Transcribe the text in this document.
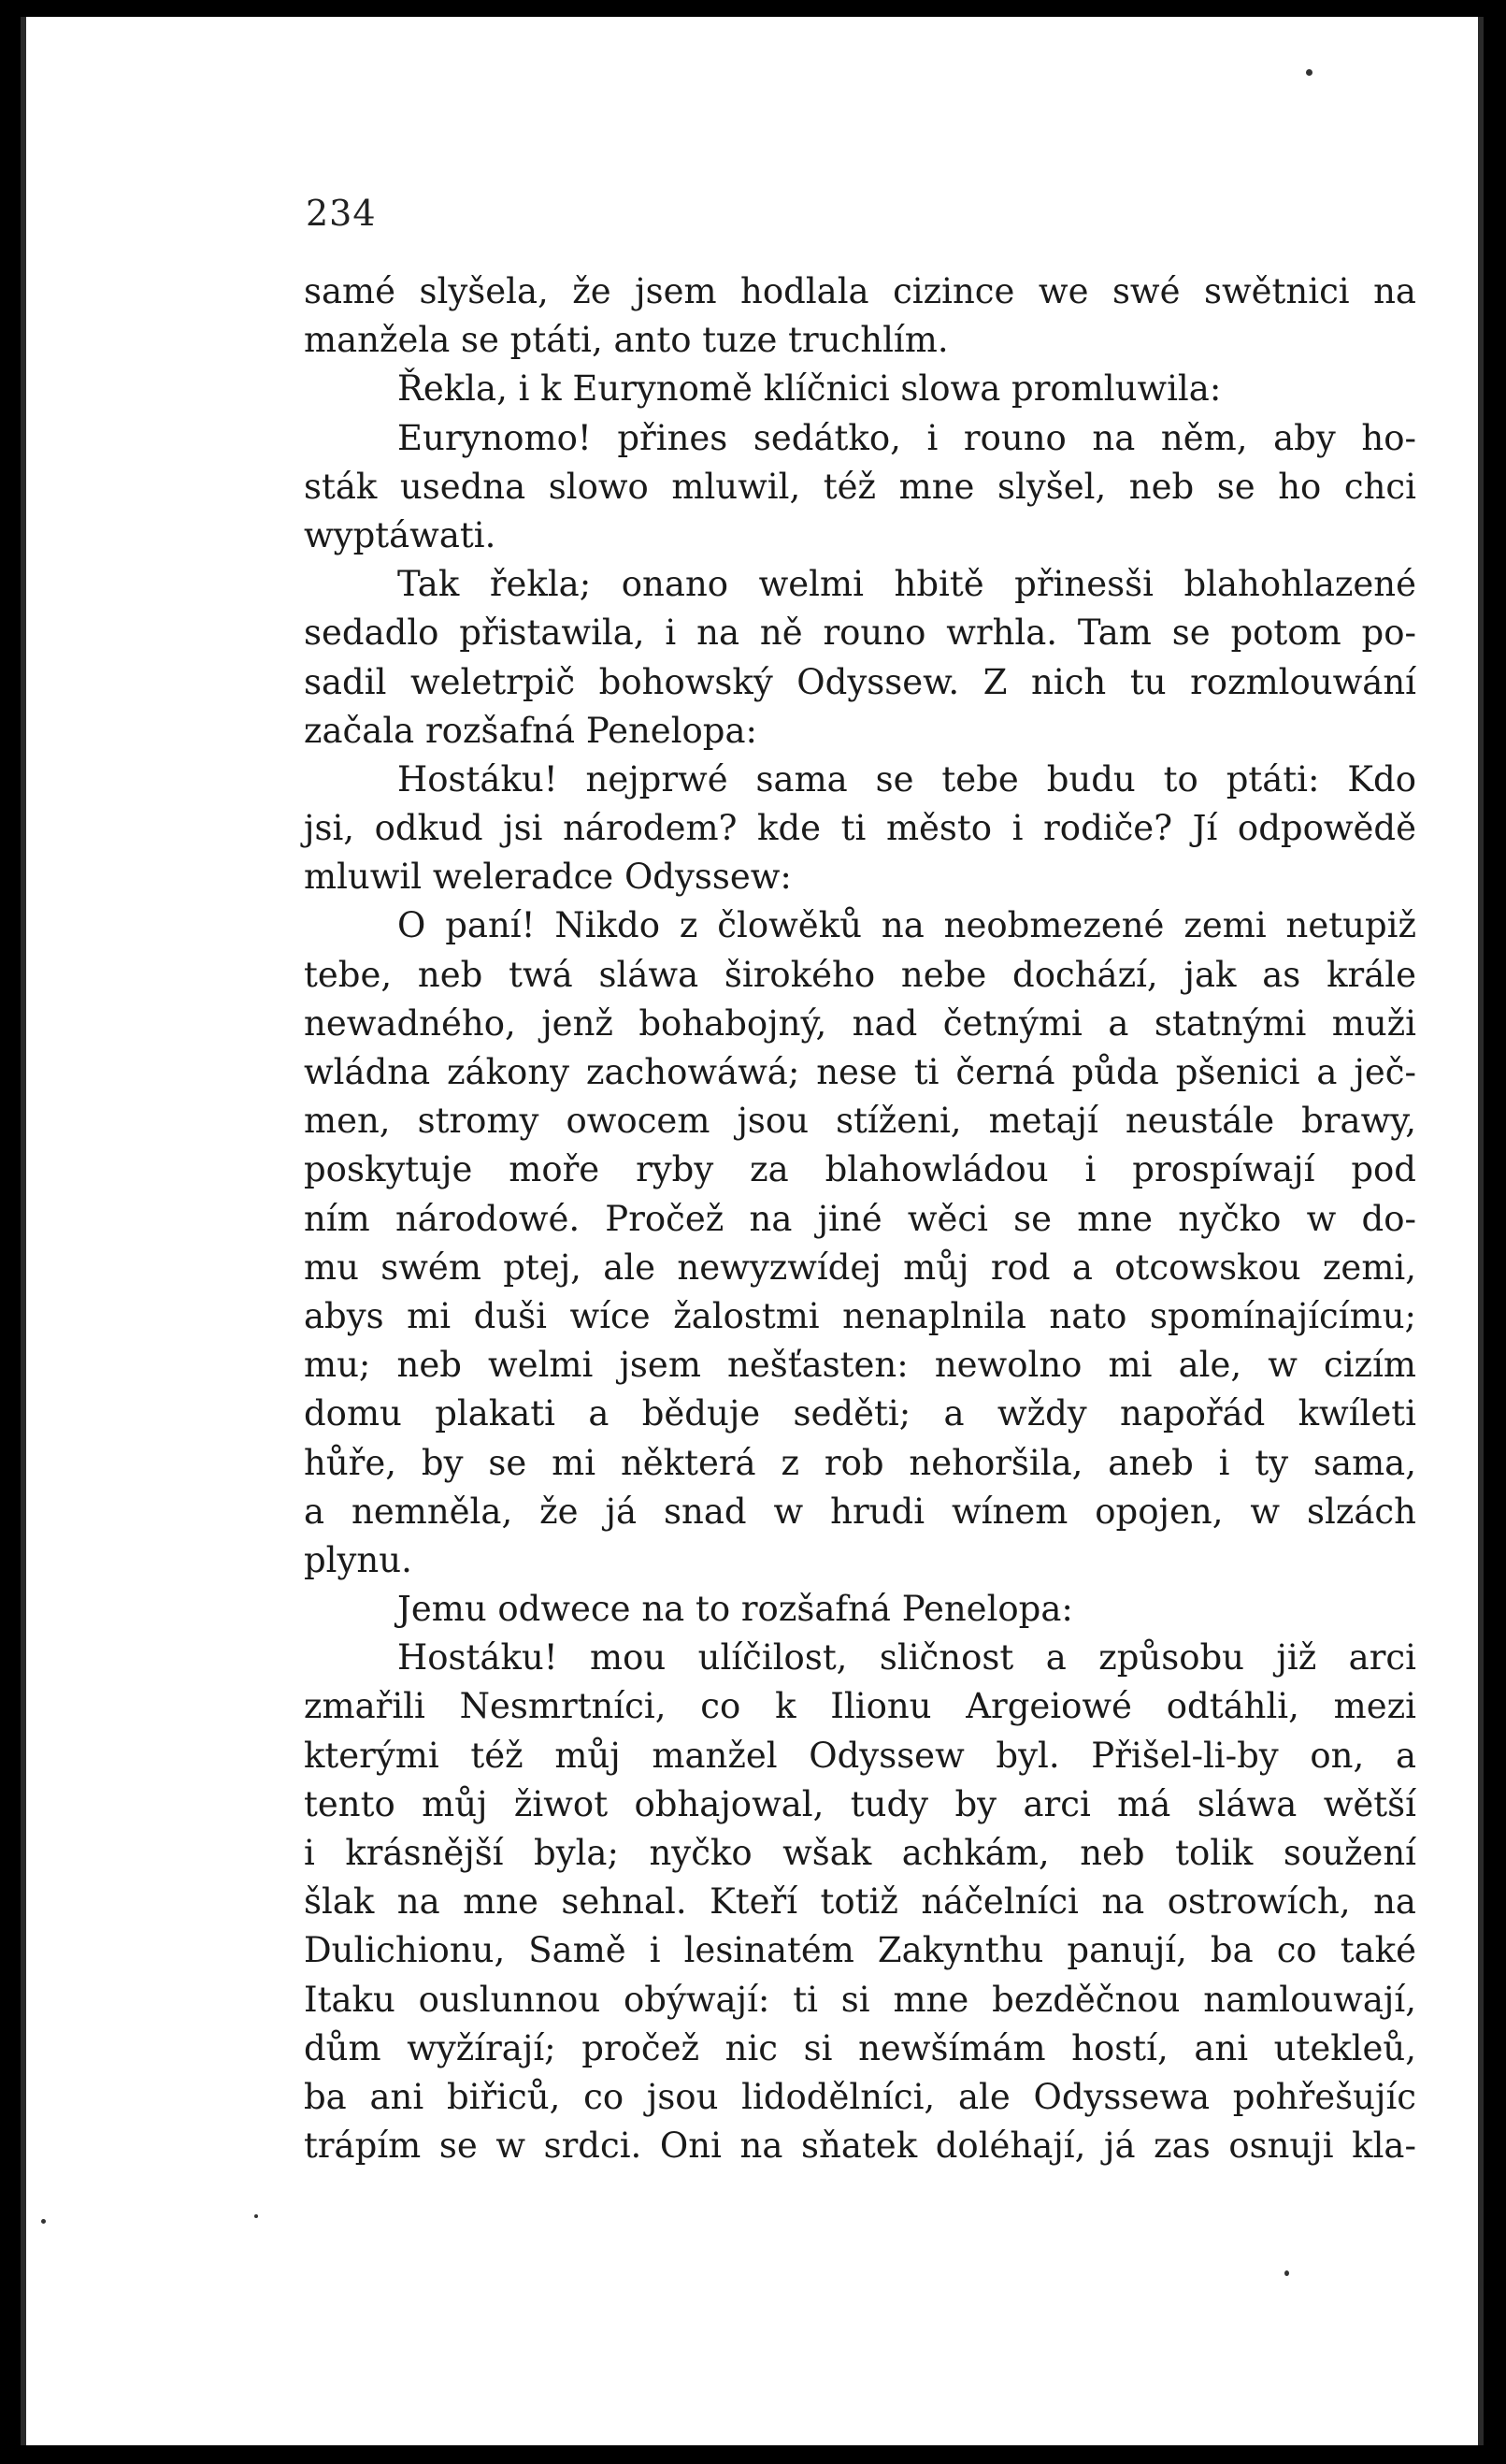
234
samé slyšela, že jsem hodlala cizince we swé swětnici na
manžela se ptáti, anto tuze truchlím.
Řekla, i k Eurynomě klíčnici slowa promluwila:
Eurynomo! přines sedátko, i rouno na něm, aby ho-
sták usedna slowo mluwil, též mne slyšel, neb se ho chci
wyptáwati.
Tak řekla; onano welmi hbitě přinesši blahohlazené
sedadlo přistawila, i na ně rouno wrhla. Tam se potom po-
sadil weletrpič bohowský Odyssew. Z nich tu rozmlouwání
začala rozšafná Penelopa:
Hostáku! nejprwé sama se tebe budu to ptáti: Kdo
jsi, odkud jsi národem? kde ti město i rodiče? Jí odpowědě
mluwil weleradce Odyssew:
O paní! Nikdo z člowěků na neobmezené zemi netupiž
tebe, neb twá sláwa širokého nebe dochází, jak as krále
newadného, jenž bohabojný, nad četnými a statnými muži
wládna zákony zachowáwá; nese ti černá půda pšenici a ječ-
men, stromy owocem jsou stíženi, metají neustále brawy,
poskytuje moře ryby za blahowládou i prospíwají pod
ním národowé. Pročež na jiné wěci se mne nyčko w do-
mu swém ptej, ale newyzwídej můj rod a otcowskou zemi,
abys mi duši wíce žalostmi nenaplnila nato spomínajícímu;
mu; neb welmi jsem nešťasten: newolno mi ale, w cizím
domu plakati a běduje seděti; a wždy napořád kwíleti
hůře, by se mi některá z rob nehoršila, aneb i ty sama,
a nemněla, že já snad w hrudi wínem opojen, w slzách
plynu.
Jemu odwece na to rozšafná Penelopa:
Hostáku! mou ulíčilost, sličnost a způsobu již arci
zmařili Nesmrtníci, co k Ilionu Argeiowé odtáhli, mezi
kterými též můj manžel Odyssew byl. Přišel-li-by on, a
tento můj žiwot obhajowal, tudy by arci má sláwa wětší
i krásnější byla; nyčko wšak achkám, neb tolik soužení
šlak na mne sehnal. Kteří totiž náčelníci na ostrowích, na
Dulichionu, Samě i lesinatém Zakynthu panují, ba co také
Itaku ouslunnou obýwají: ti si mne bezděčnou namlouwají,
dům wyžírají; pročež nic si newšímám hostí, ani utekleů,
ba ani biřiců, co jsou lidodělníci, ale Odyssewa pohřešujíc
trápím se w srdci. Oni na sňatek doléhají, já zas osnuji kla-
